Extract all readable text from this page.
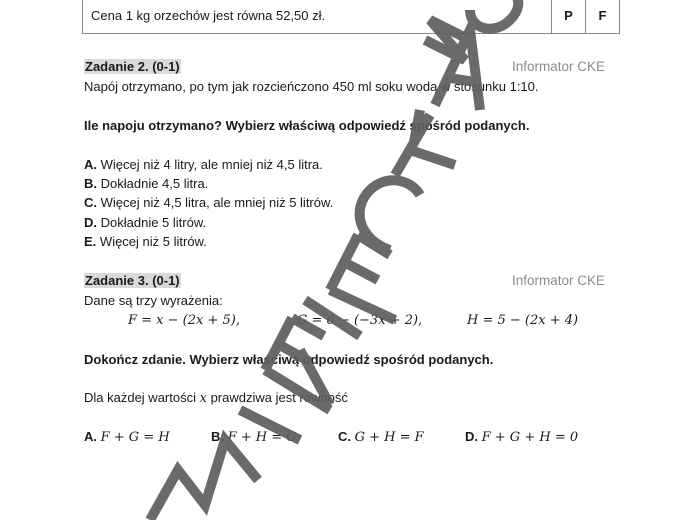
Cena 1 kg orzechów jest równa 52,50 zł.	P	F
Zadanie 2. (0-1)	Informator CKE
Napój otrzymano, po tym jak rozcieńczono 450 ml soku wodą w stosunku 1:10.
Ile napoju otrzymano? Wybierz właściwą odpowiedź spośród podanych.
A. Więcej niż 4 litry, ale mniej niż 4,5 litra.
B. Dokładnie 4,5 litra.
C. Więcej niż 4,5 litra, ale mniej niż 5 litrów.
D. Dokładnie 5 litrów.
E. Więcej niż 5 litrów.
Zadanie 3. (0-1)	Informator CKE
Dane są trzy wyrażenia:
F = x − (2x + 5),	G = 6 − (−3x + 2),	H = 5 − (2x + 4)
Dokończ zdanie. Wybierz właściwą odpowiedź spośród podanych.
Dla każdej wartości x prawdziwa jest równość
A. F + G = H	B. F + H = G	C. G + H = F	D. F + G + H = 0
